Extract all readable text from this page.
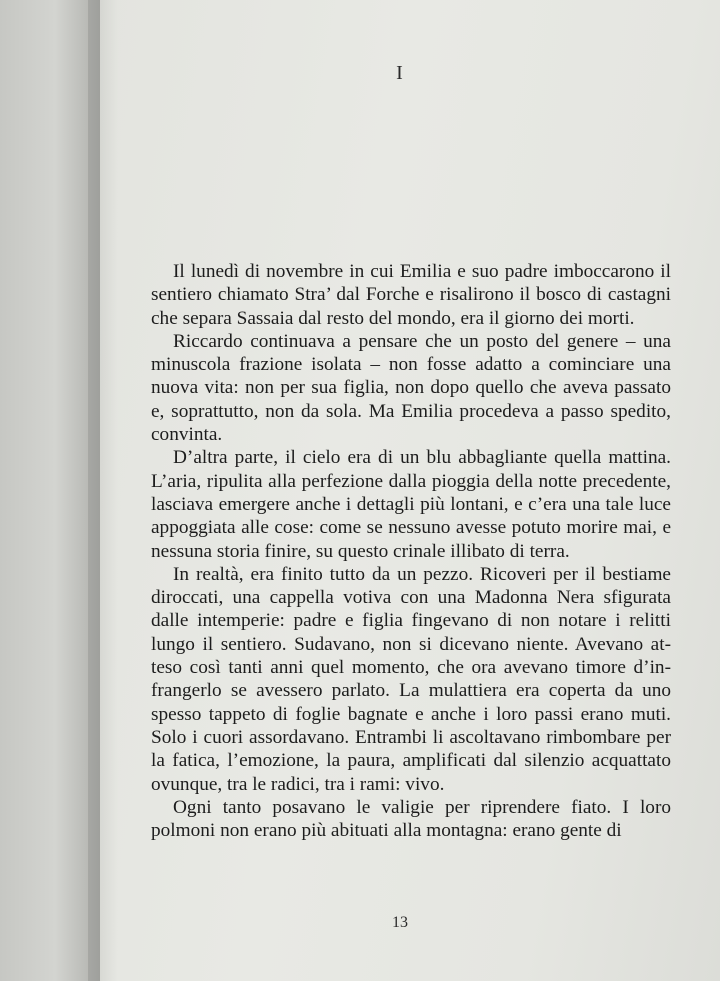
I

Il lunedì di novembre in cui Emilia e suo padre imboccarono il sentiero chiamato Stra’ dal Forche e risalirono il bosco di castagni che separa Sassaia dal resto del mondo, era il giorno dei morti.

Riccardo continuava a pensare che un posto del genere – una minuscola frazione isolata – non fosse adatto a cominciare una nuova vita: non per sua figlia, non dopo quello che aveva passato e, soprattutto, non da sola. Ma Emilia procedeva a passo spedito, convinta.

D’altra parte, il cielo era di un blu abbagliante quella mattina. L’aria, ripulita alla perfezione dalla pioggia della notte precedente, lasciava emergere anche i dettagli più lontani, e c’era una tale luce appoggiata alle cose: come se nessuno avesse potuto morire mai, e nessuna storia finire, su questo crinale illibato di terra.

In realtà, era finito tutto da un pezzo. Ricoveri per il bestiame diroccati, una cappella votiva con una Madonna Nera sfigurata dalle intemperie: padre e figlia fingevano di non notare i relitti lungo il sentiero. Sudavano, non si dicevano niente. Avevano atteso così tanti anni quel momento, che ora avevano timore d’infrangerlo se avessero parlato. La mulattiera era coperta da uno spesso tappeto di foglie bagnate e anche i loro passi erano muti. Solo i cuori assordavano. Entrambi li ascoltavano rimbombare per la fatica, l’emozione, la paura, amplificati dal silenzio acquattato ovunque, tra le radici, tra i rami: vivo.

Ogni tanto posavano le valigie per riprendere fiato. I loro polmoni non erano più abituati alla montagna: erano gente di

13
